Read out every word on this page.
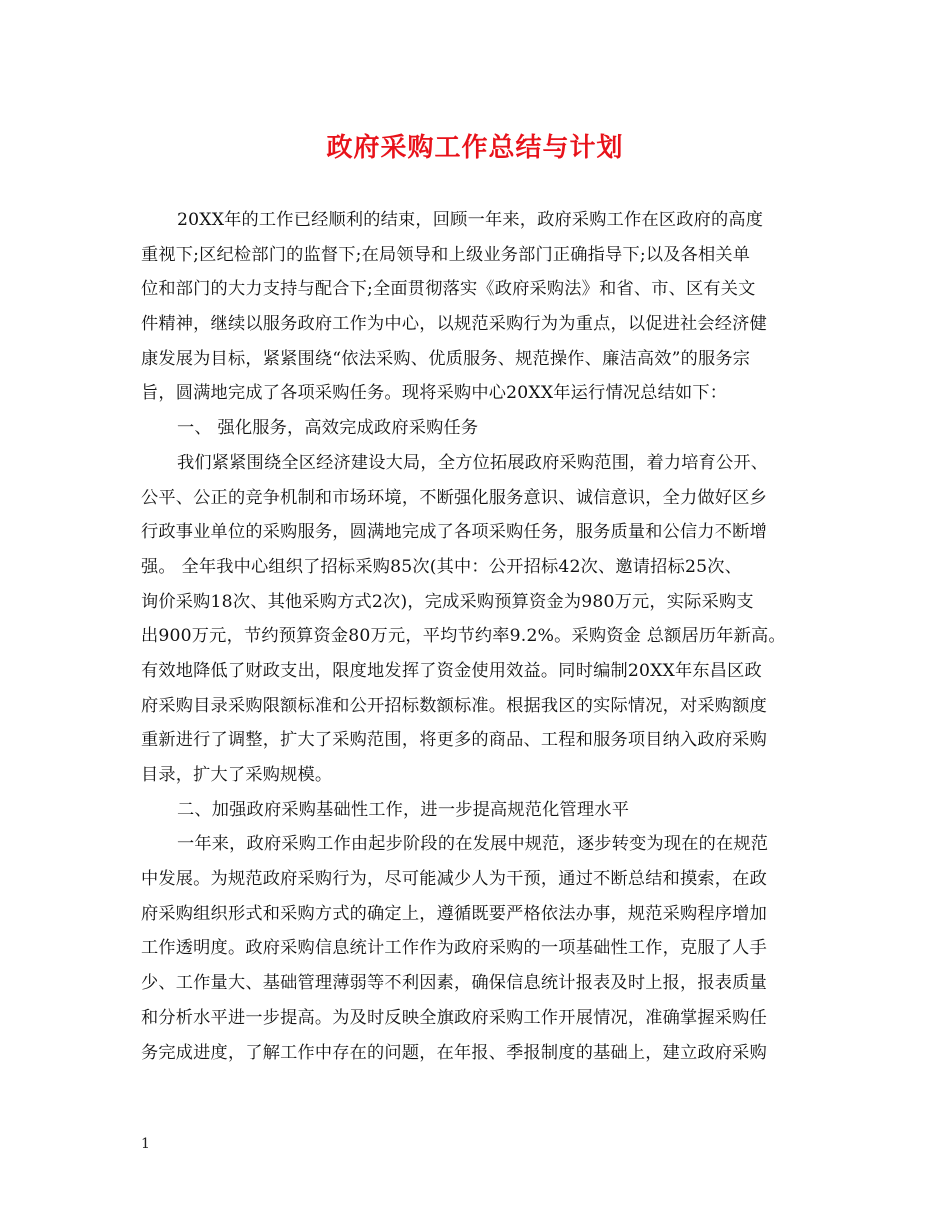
政府采购工作总结与计划
20XX年的工作已经顺利的结束，回顾一年来，政府采购工作在区政府的高度
重视下;区纪检部门的监督下;在局领导和上级业务部门正确指导下;以及各相关单
位和部门的大力支持与配合下;全面贯彻落实《政府采购法》和省、市、区有关文
件精神，继续以服务政府工作为中心，以规范采购行为为重点，以促进社会经济健
康发展为目标，紧紧围绕“依法采购、优质服务、规范操作、廉洁高效”的服务宗
旨，圆满地完成了各项采购任务。现将采购中心20XX年运行情况总结如下：
一、 强化服务，高效完成政府采购任务
我们紧紧围绕全区经济建设大局，全方位拓展政府采购范围，着力培育公开、
公平、公正的竞争机制和市场环境，不断强化服务意识、诚信意识，全力做好区乡
行政事业单位的采购服务，圆满地完成了各项采购任务，服务质量和公信力不断增
强。 全年我中心组织了招标采购85次(其中：公开招标42次、邀请招标25次、
询价采购18次、其他采购方式2次)，完成采购预算资金为980万元，实际采购支
出900万元，节约预算资金80万元，平均节约率9.2%。采购资金 总额居历年新高。
有效地降低了财政支出，限度地发挥了资金使用效益。同时编制20XX年东昌区政
府采购目录采购限额标准和公开招标数额标准。根据我区的实际情况，对采购额度
重新进行了调整，扩大了采购范围，将更多的商品、工程和服务项目纳入政府采购
目录，扩大了采购规模。
二、加强政府采购基础性工作，进一步提高规范化管理水平
一年来，政府采购工作由起步阶段的在发展中规范，逐步转变为现在的在规范
中发展。为规范政府采购行为，尽可能减少人为干预，通过不断总结和摸索，在政
府采购组织形式和采购方式的确定上，遵循既要严格依法办事，规范采购程序增加
工作透明度。政府采购信息统计工作作为政府采购的一项基础性工作，克服了人手
少、工作量大、基础管理薄弱等不利因素，确保信息统计报表及时上报，报表质量
和分析水平进一步提高。为及时反映全旗政府采购工作开展情况，准确掌握采购任
务完成进度，了解工作中存在的问题，在年报、季报制度的基础上，建立政府采购
1
